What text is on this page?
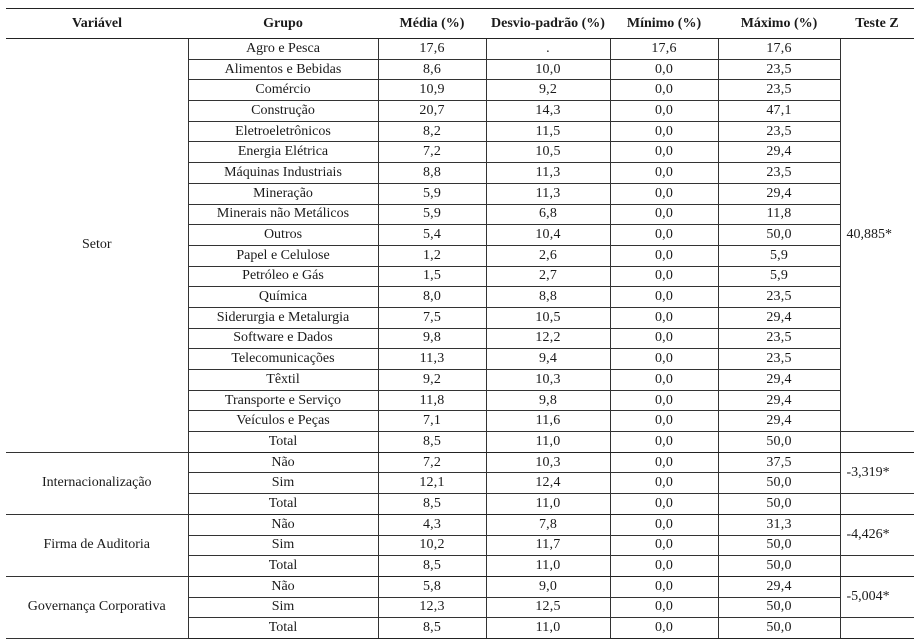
Variável	Grupo	Média (%)	Desvio-padrão (%)	Mínimo (%)	Máximo (%)	Teste Z
Setor	Agro e Pesca	17,6	.	17,6	17,6	40,885*
	Alimentos e Bebidas	8,6	10,0	0,0	23,5	
	Comércio	10,9	9,2	0,0	23,5	
	Construção	20,7	14,3	0,0	47,1	
	Eletroeletrônicos	8,2	11,5	0,0	23,5	
	Energia Elétrica	7,2	10,5	0,0	29,4	
	Máquinas Industriais	8,8	11,3	0,0	23,5	
	Mineração	5,9	11,3	0,0	29,4	
	Minerais não Metálicos	5,9	6,8	0,0	11,8	
	Outros	5,4	10,4	0,0	50,0	
	Papel e Celulose	1,2	2,6	0,0	5,9	
	Petróleo e Gás	1,5	2,7	0,0	5,9	
	Química	8,0	8,8	0,0	23,5	
	Siderurgia e Metalurgia	7,5	10,5	0,0	29,4	
	Software e Dados	9,8	12,2	0,0	23,5	
	Telecomunicações	11,3	9,4	0,0	23,5	
	Têxtil	9,2	10,3	0,0	29,4	
	Transporte e Serviço	11,8	9,8	0,0	29,4	
	Veículos e Peças	7,1	11,6	0,0	29,4	
	Total	8,5	11,0	0,0	50,0	
Internacionalização	Não	7,2	10,3	0,0	37,5	-3,319*
	Sim	12,1	12,4	0,0	50,0	
	Total	8,5	11,0	0,0	50,0	
Firma de Auditoria	Não	4,3	7,8	0,0	31,3	-4,426*
	Sim	10,2	11,7	0,0	50,0	
	Total	8,5	11,0	0,0	50,0	
Governança Corporativa	Não	5,8	9,0	0,0	29,4	-5,004*
	Sim	12,3	12,5	0,0	50,0	
	Total	8,5	11,0	0,0	50,0	
